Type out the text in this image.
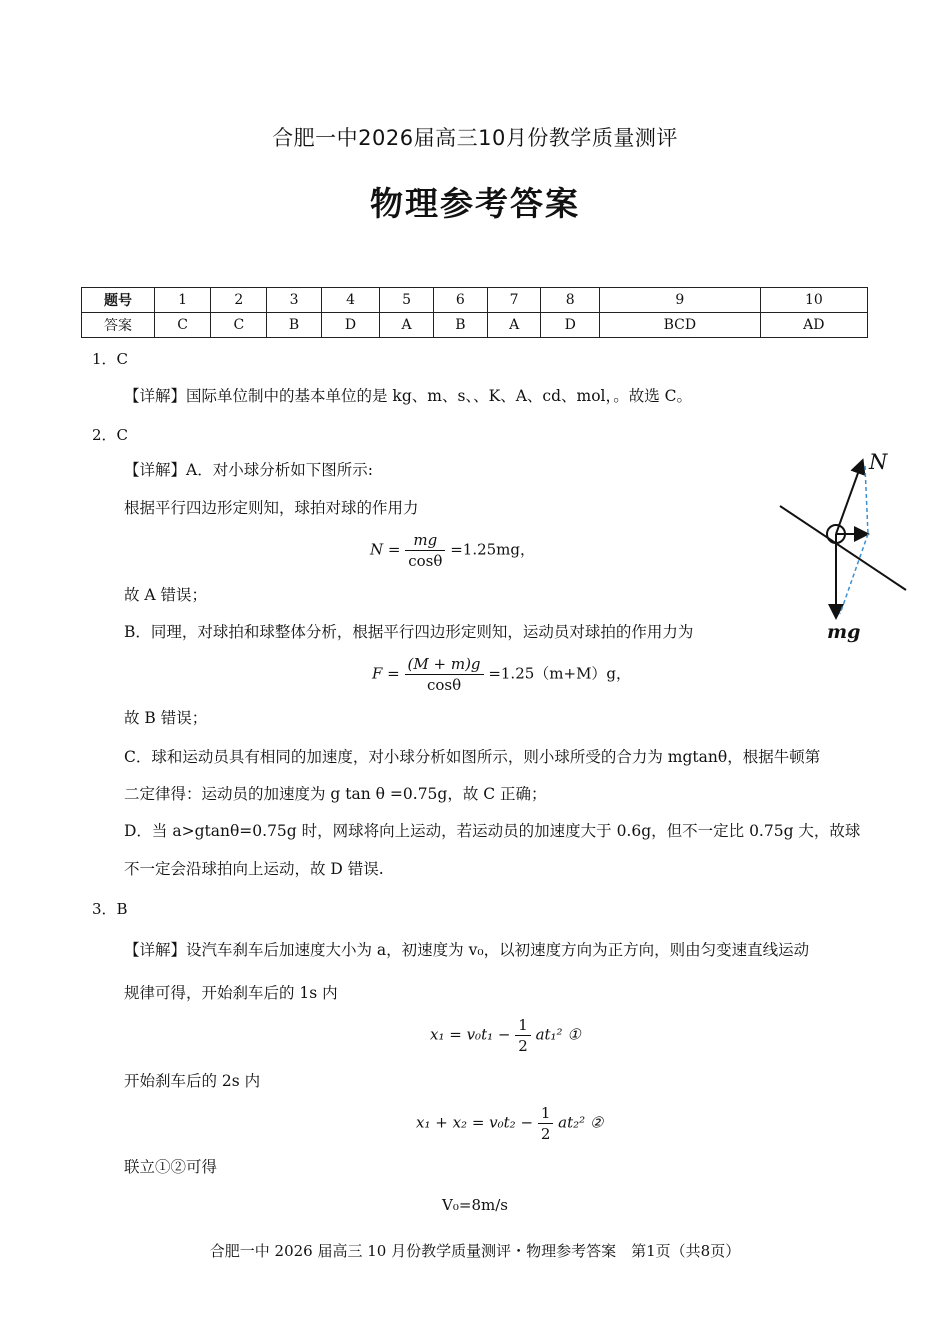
合肥一中2026届高三10月份教学质量测评
物理参考答案
题号	1	2	3	4	5	6	7	8	9	10
答案	C	C	B	D	A	B	A	D	BCD	AD
1．C
【详解】国际单位制中的基本单位的是 kg、m、s、、K、A、cd、mol，。故选 C。
2．C
【详解】A．对小球分析如下图所示:
根据平行四边形定则知，球拍对球的作用力
$N = \frac{mg}{\cos\theta} =1.25mg$，
故 A 错误；
B．同理，对球拍和球整体分析，根据平行四边形定则知，运动员对球拍的作用力为
$F = \frac{(M + m)g}{\cos\theta} =1.25(m+M)g$，
故 B 错误；
C．球和运动员具有相同的加速度，对小球分析如图所示，则小球所受的合力为 mgtanθ，根据牛顿第
二定律得：运动员的加速度为 g tan θ =0.75g，故 C 正确；
D．当 a>gtanθ=0.75g 时，网球将向上运动，若运动员的加速度大于 0.6g，但不一定比 0.75g 大，故球
不一定会沿球拍向上运动，故 D 错误.
N
mg
3．B
【详解】设汽车刹车后加速度大小为 a，初速度为 v₀，以初速度方向为正方向，则由匀变速直线运动
规律可得，开始刹车后的 1s 内
$x_1 = v_0t_1 - \frac{1}{2} at_1^2$ ①
开始刹车后的 2s 内
$x_1 + x_2 = v_0t_2 - \frac{1}{2} at_2^2$ ②
联立①②可得
V₀=8m/s
合肥一中 2026 届高三 10 月份教学质量测评・物理参考答案　第1页（共8页）
